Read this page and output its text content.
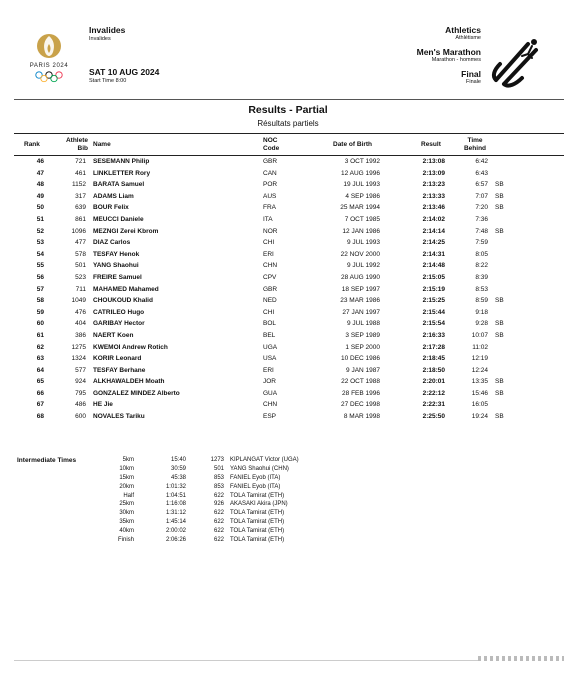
PARIS 2024
Invalides
Invalides
SAT 10 AUG 2024
Start Time 8:00
Athletics
Athlétisme
Men's Marathon
Marathon - hommes
Final
Finale
Results - Partial
Résultats partiels
Rank
Athlete
Bib Name
NOC
Code	Date of Birth	Result
Time
Behind
46	721 SESEMANN Philip	GBR	3 OCT 1992	2:13:08	6:42
47	461 LINKLETTER Rory	CAN	12 AUG 1996	2:13:09	6:43
48	1152 BARATA Samuel	POR	19 JUL 1993	2:13:23	6:57 SB
49	317 ADAMS Liam	AUS	4 SEP 1986	2:13:33	7:07 SB
50	639 BOUR Felix	FRA	25 MAR 1994	2:13:46	7:20 SB
51	861 MEUCCI Daniele	ITA	7 OCT 1985	2:14:02	7:36
52	1096 MEZNGI Zerei Kbrom	NOR	12 JAN 1986	2:14:14	7:48 SB
53	477 DIAZ Carlos	CHI	9 JUL 1993	2:14:25	7:59
54	578 TESFAY Henok	ERI	22 NOV 2000	2:14:31	8:05
55	501 YANG Shaohui	CHN	9 JUL 1992	2:14:48	8:22
56	523 FREIRE Samuel	CPV	28 AUG 1990	2:15:05	8:39
57	711 MAHAMED Mahamed	GBR	18 SEP 1997	2:15:19	8:53
58	1049 CHOUKOUD Khalid	NED	23 MAR 1986	2:15:25	8:59 SB
59	476 CATRILEO Hugo	CHI	27 JAN 1997	2:15:44	9:18
60	404 GARIBAY Hector	BOL	9 JUL 1988	2:15:54	9:28 SB
61	386 NAERT Koen	BEL	3 SEP 1989	2:16:33	10:07 SB
62	1275 KWEMOI Andrew Rotich	UGA	1 SEP 2000	2:17:28	11:02
63	1324 KORIR Leonard	USA	10 DEC 1986	2:18:45	12:19
64	577 TESFAY Berhane	ERI	9 JAN 1987	2:18:50	12:24
65	924 ALKHAWALDEH Moath	JOR	22 OCT 1988	2:20:01	13:35 SB
66	795 GONZALEZ MINDEZ Alberto	GUA	28 FEB 1996	2:22:12	15:46 SB
67	486 HE Jie	CHN	27 DEC 1998	2:22:31	16:05
68	600 NOVALES Tariku	ESP	8 MAR 1998	2:25:50	19:24 SB
Intermediate Times	5km	15:40	1273 KIPLANGAT Victor (UGA)
10km	30:59	501 YANG Shaohui (CHN)
15km	45:38	853 FANIEL Eyob (ITA)
20km	1:01:32	853 FANIEL Eyob (ITA)
Half	1:04:51	622 TOLA Tamirat (ETH)
25km	1:16:08	926 AKASAKI Akira (JPN)
30km	1:31:12	622 TOLA Tamirat (ETH)
35km	1:45:14	622 TOLA Tamirat (ETH)
40km	2:00:02	622 TOLA Tamirat (ETH)
Finish	2:06:26	622 TOLA Tamirat (ETH)
